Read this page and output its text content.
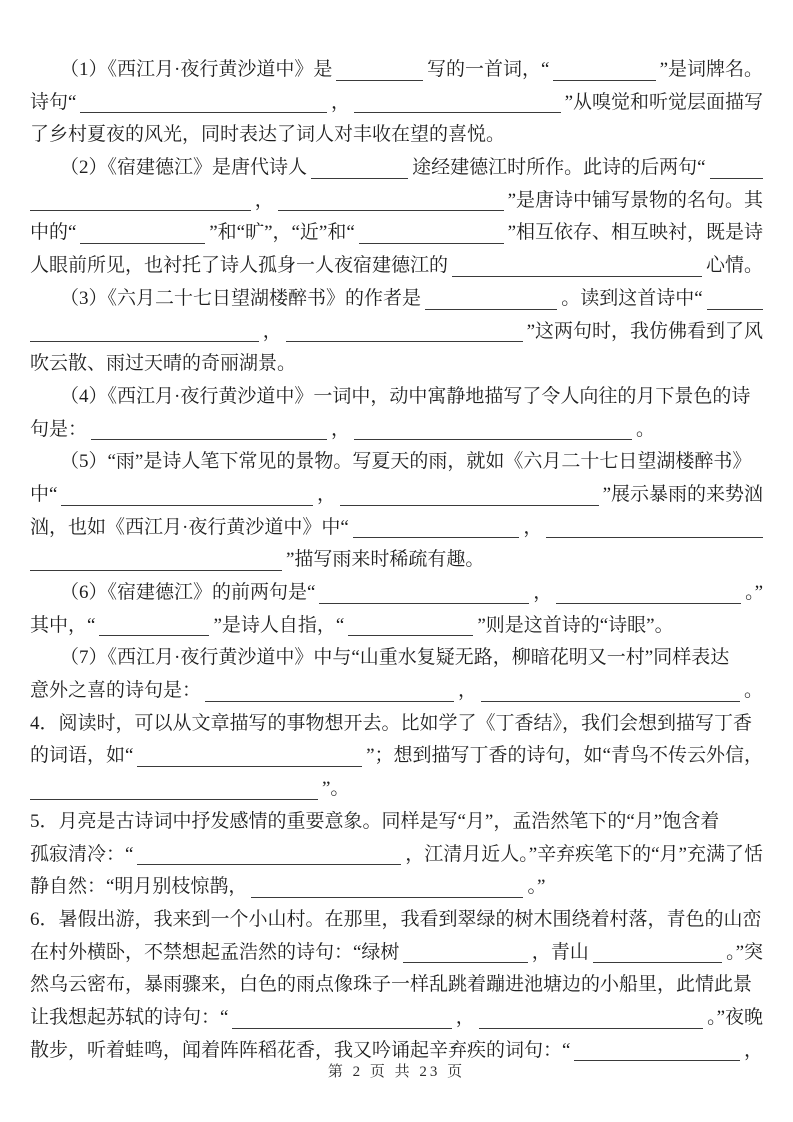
（1）《西江月·夜行黄沙道中》是	写的一首词，“	”是词牌名。
诗句“	，	”从嗅觉和听觉层面描写
了乡村夏夜的风光，同时表达了词人对丰收在望的喜悦。
（2）《宿建德江》是唐代诗人	途经建德江时所作。此诗的后两句“
，	”是唐诗中铺写景物的名句。其
中的“	”和“旷”，“近”和“	”相互依存、相互映衬，既是诗
人眼前所见，也衬托了诗人孤身一人夜宿建德江的	心情。
（3）《六月二十七日望湖楼醉书》的作者是	。读到这首诗中“
，	”这两句时，我仿佛看到了风
吹云散、雨过天晴的奇丽湖景。
（4）《西江月·夜行黄沙道中》一词中，动中寓静地描写了令人向往的月下景色的诗
句是：	，	。
（5）“雨”是诗人笔下常见的景物。写夏天的雨，就如《六月二十七日望湖楼醉书》
中“	，	”展示暴雨的来势汹
汹，也如《西江月·夜行黄沙道中》中“	，
”描写雨来时稀疏有趣。
（6）《宿建德江》的前两句是“	，	。”
其中，“	”是诗人自指，“	”则是这首诗的“诗眼”。
（7）《西江月·夜行黄沙道中》中与“山重水复疑无路，柳暗花明又一村”同样表达
意外之喜的诗句是：	，	。
4．阅读时，可以从文章描写的事物想开去。比如学了《丁香结》，我们会想到描写丁香
的词语，如“	”；想到描写丁香的诗句，如“青鸟不传云外信，
”。
5．月亮是古诗词中抒发感情的重要意象。同样是写“月”，孟浩然笔下的“月”饱含着
孤寂清冷：“	，江清月近人。”辛弃疾笔下的“月”充满了恬
静自然：“明月别枝惊鹊，	。”
6．暑假出游，我来到一个小山村。在那里，我看到翠绿的树木围绕着村落，青色的山峦
在村外横卧，不禁想起孟浩然的诗句：“绿树	，青山	。”突
然乌云密布，暴雨骤来，白色的雨点像珠子一样乱跳着蹦进池塘边的小船里，此情此景
让我想起苏轼的诗句：“	，	。”夜晚
散步，听着蛙鸣，闻着阵阵稻花香，我又吟诵起辛弃疾的词句：“	，
第 2 页 共 23 页
